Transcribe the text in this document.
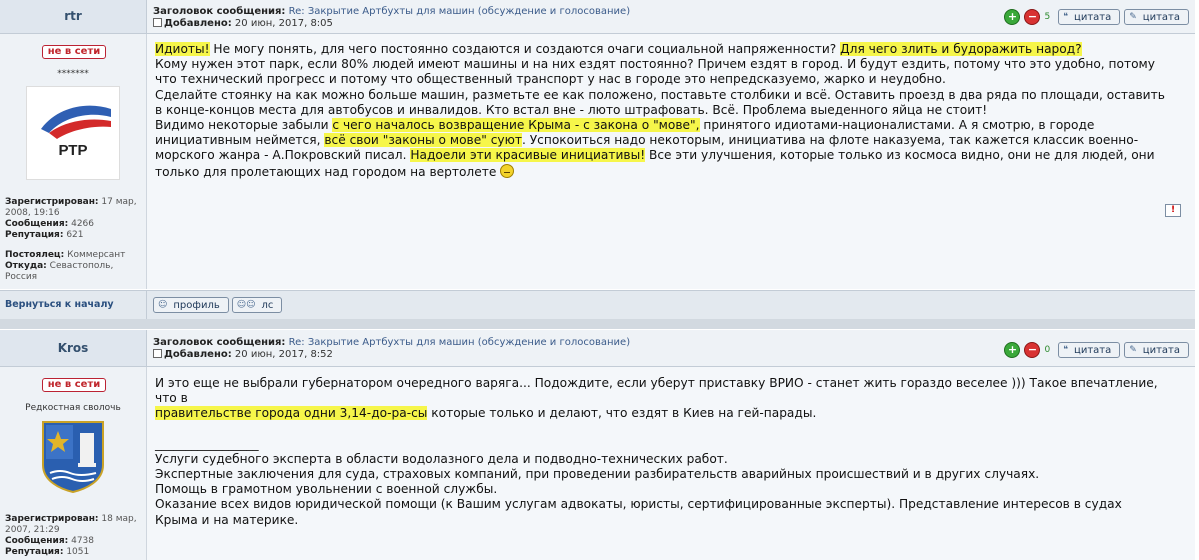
rtr	Заголовок сообщения: Re: Закрытие Артбухты для машин (обсуждение и голосование)
Добавлено: 20 июн, 2017, 8:05
+ − 5 ❝ цитата ✎ цитата
не в сети
*******
РТР
Зарегистрирован: 17 мар, 2008, 19:16
Сообщения: 4266
Репутация: 621
Постоялец: Коммерсант
Откуда: Севастополь, Россия

Идиоты! Не могу понять, для чего постоянно создаются и создаются очаги социальной напряженности? Для чего злить и будоражить народ?

Кому нужен этот парк, если 80% людей имеют машины и на них ездят постоянно? Причем ездят в город. И будут ездить, потому что это удобно, потому что технический прогресс и потому что общественный транспорт у нас в городе это непредсказуемо, жарко и неудобно.

Сделайте стоянку на как можно больше машин, разметьте ее как положено, поставьте столбики и всё. Оставить проезд в два ряда по площади, оставить в конце-концов места для автобусов и инвалидов. Кто встал вне - люто штрафовать. Всё. Проблема выеденного яйца не стоит!

Видимо некоторые забыли с чего началось возвращение Крыма - с закона о "мове", принятого идиотами-националистами. А я смотрю, в городе инициативным неймется, всё свои "законы о мове" суют. Успокоиться надо некоторым, инициатива на флоте наказуема, так кажется классик военно-морского жанра - А.Покровский писал. Надоели эти красивые инициативы! Все эти улучшения, которые только из космоса видно, они не для людей, они только для пролетающих над городом на вертолете

!
Вернуться к началу	☺ профиль ☺☺ лс
Kros	Заголовок сообщения: Re: Закрытие Артбухты для машин (обсуждение и голосование)
Добавлено: 20 июн, 2017, 8:52	+ − 0 ❝ цитата ✎ цитата
не в сети
Редкостная сволочь
Зарегистрирован: 18 мар, 2007, 21:29
Сообщения: 4738
Репутация: 1051

И это еще не выбрали губернатором очередного варяга... Подождите, если уберут приставку ВРИО - станет жить гораздо веселее ))) Такое впечатление, что в

правительстве города одни 3,14-до-ра-сы которые только и делают, что ездят в Киев на гей-парады.

_________________

Услуги судебного эксперта в области водолазного дела и подводно-технических работ.

Экспертные заключения для суда, страховых компаний, при проведении разбирательств аварийных происшествий и в других случаях.

Помощь в грамотном увольнении с военной службы.

Оказание всех видов юридической помощи (к Вашим услугам адвокаты, юристы, сертифицированные эксперты). Представление интересов в судах Крыма и на материке.
